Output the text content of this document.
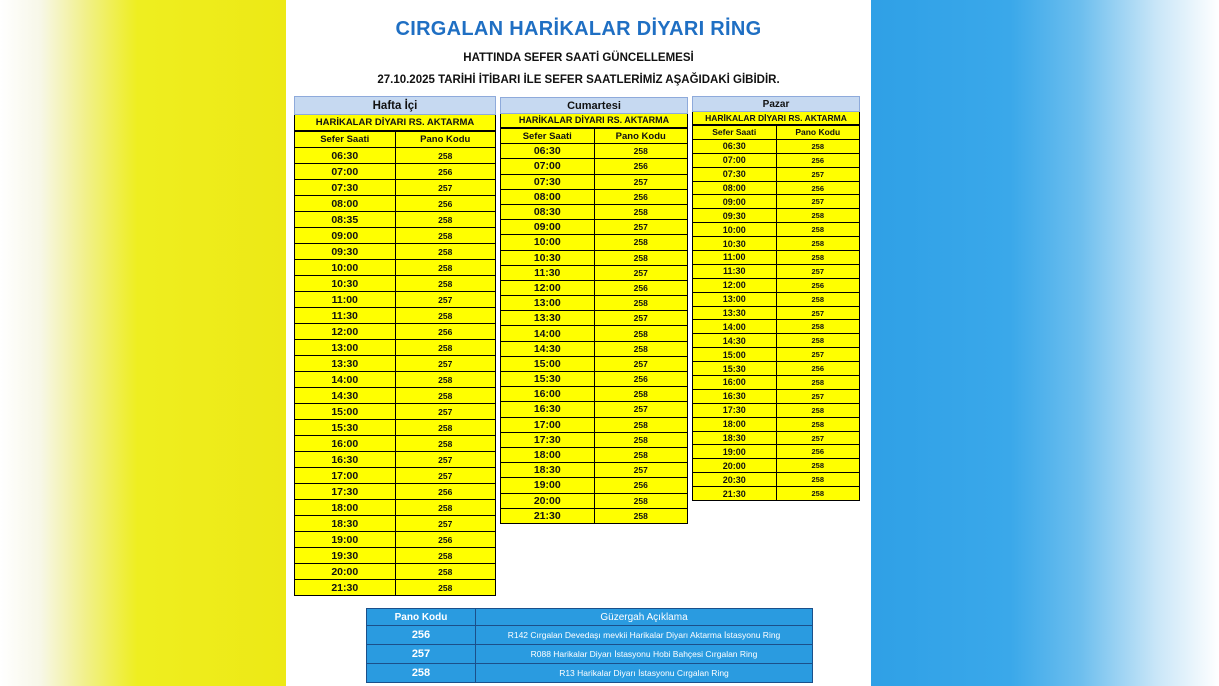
CIRGALAN HARİKALAR DİYARI RİNG
HATTINDA SEFER SAATİ GÜNCELLEMESİ
27.10.2025 TARİHİ İTİBARI İLE SEFER SAATLERİMİZ AŞAĞIDAKİ GİBİDİR.
Hafta İçi
HARİKALAR DİYARI RS. AKTARMA
Sefer Saati	Pano Kodu
06:30	258
07:00	256
07:30	257
08:00	256
08:35	258
09:00	258
09:30	258
10:00	258
10:30	258
11:00	257
11:30	258
12:00	256
13:00	258
13:30	257
14:00	258
14:30	258
15:00	257
15:30	258
16:00	258
16:30	257
17:00	257
17:30	256
18:00	258
18:30	257
19:00	256
19:30	258
20:00	258
21:30	258
Cumartesi
HARİKALAR DİYARI RS. AKTARMA
Sefer Saati	Pano Kodu
06:30	258
07:00	256
07:30	257
08:00	256
08:30	258
09:00	257
10:00	258
10:30	258
11:30	257
12:00	256
13:00	258
13:30	257
14:00	258
14:30	258
15:00	257
15:30	256
16:00	258
16:30	257
17:00	258
17:30	258
18:00	258
18:30	257
19:00	256
20:00	258
21:30	258
Pazar
HARİKALAR DİYARI RS. AKTARMA
Sefer Saati	Pano Kodu
06:30	258
07:00	256
07:30	257
08:00	256
09:00	257
09:30	258
10:00	258
10:30	258
11:00	258
11:30	257
12:00	256
13:00	258
13:30	257
14:00	258
14:30	258
15:00	257
15:30	256
16:00	258
16:30	257
17:30	258
18:00	258
18:30	257
19:00	256
20:00	258
20:30	258
21:30	258
Pano Kodu	Güzergah Açıklama
256	R142 Cırgalan Devedaşı mevkii Harikalar Diyarı Aktarma İstasyonu Ring
257	R088 Harikalar Diyarı İstasyonu Hobi Bahçesi Cırgalan Ring
258	R13 Harikalar Diyarı İstasyonu Cırgalan Ring
